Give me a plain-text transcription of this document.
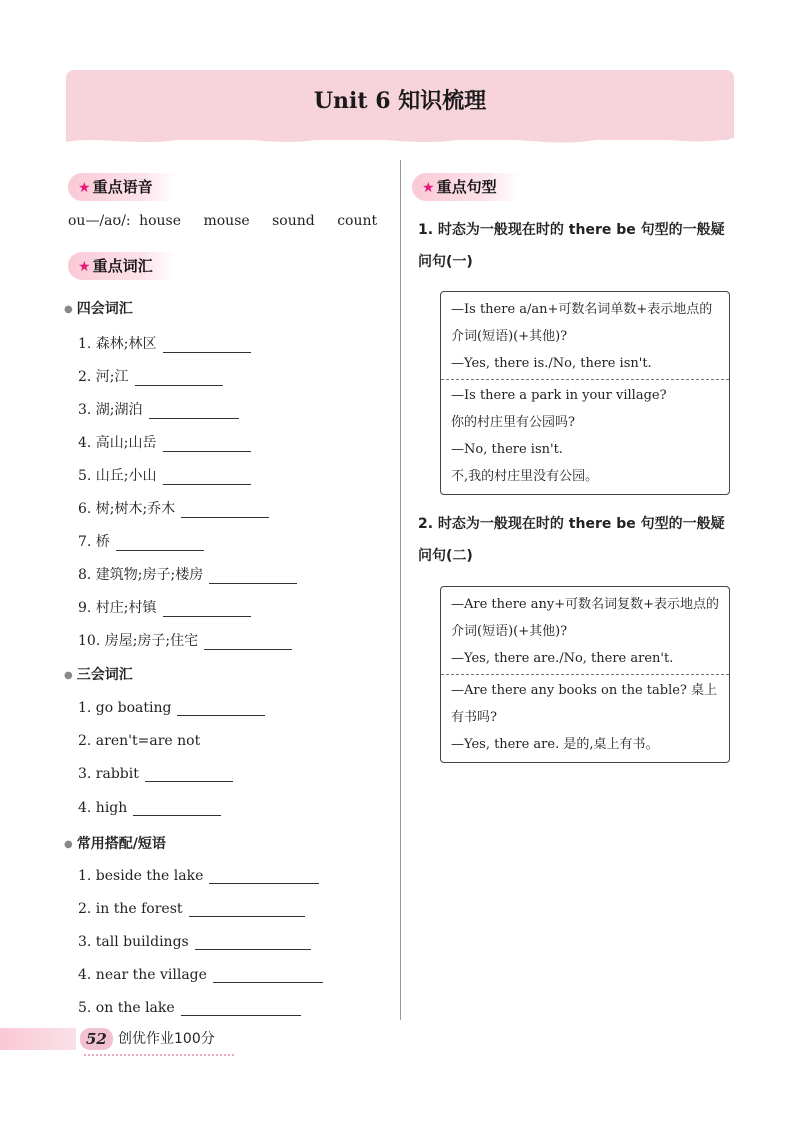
Unit 6 知识梳理
★ 重点语音
ou—/aʊ/: house mouse sound count
★ 重点词汇
● 四会词汇
1. 森林;林区
2. 河;江
3. 湖;湖泊
4. 高山;山岳
5. 山丘;小山
6. 树;树木;乔木
7. 桥
8. 建筑物;房子;楼房
9. 村庄;村镇
10. 房屋;房子;住宅
● 三会词汇
1. go boating
2. aren't=are not
3. rabbit
4. high
● 常用搭配/短语
1. beside the lake
2. in the forest
3. tall buildings
4. near the village
5. on the lake
★ 重点句型
1. 时态为一般现在时的 there be 句型的一般疑问句(一)
—Is there a/an+可数名词单数+表示地点的介词(短语)(+其他)?
—Yes, there is./No, there isn't.
—Is there a park in your village?
你的村庄里有公园吗?
—No, there isn't.
不,我的村庄里没有公园。
2. 时态为一般现在时的 there be 句型的一般疑问句(二)
—Are there any+可数名词复数+表示地点的介词(短语)(+其他)?
—Yes, there are./No, there aren't.
—Are there any books on the table? 桌上有书吗?
—Yes, there are. 是的,桌上有书。
52 创优作业100分
